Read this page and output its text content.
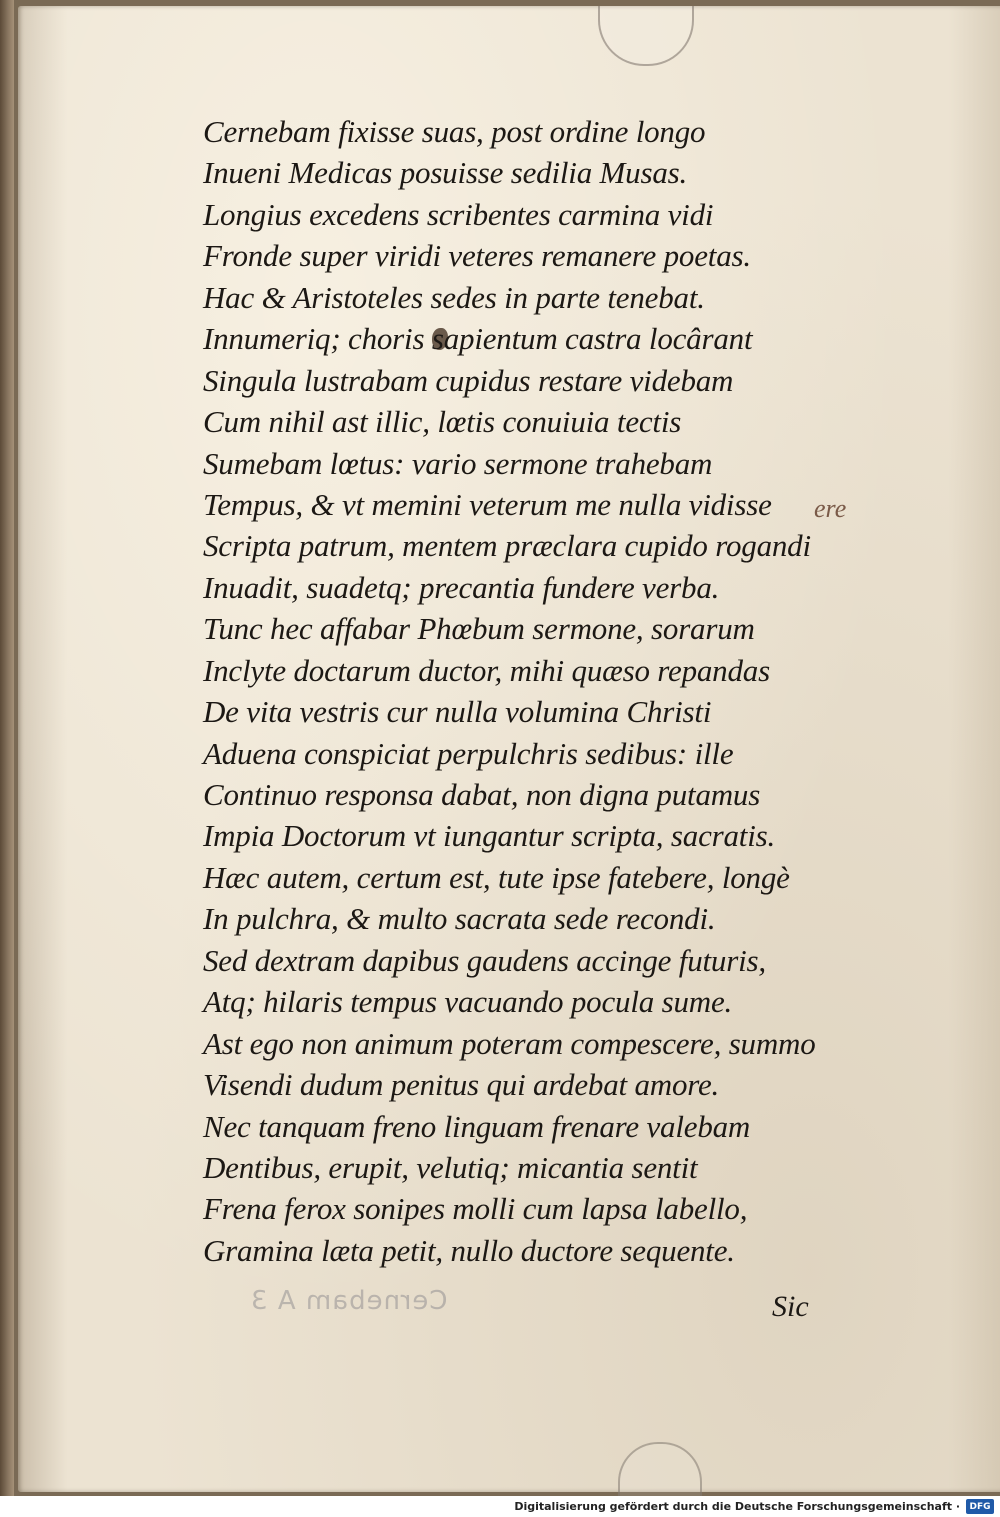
Cernebam fixisse suas, post ordine longo
Inueni Medicas posuisse sedilia Musas.
Longius excedens scribentes carmina vidi
Fronde super viridi veteres remanere poetas.
Hac & Aristoteles sedes in parte tenebat.
Innumeriq; choris sapientum castra locârant
Singula lustrabam cupidus restare videbam
Cum nihil ast illic, lœtis conuiuia tectis
Sumebam lœtus: vario sermone trahebam
Tempus, & vt memini veterum me nulla vidisse
Scripta patrum, mentem præclara cupido rogandi
Inuadit, suadetq; precantia fundere verba.
Tunc hec affabar Phœbum sermone, sorarum
Inclyte doctarum ductor, mihi quæso repandas
De vita vestris cur nulla volumina Christi
Aduena conspiciat perpulchris sedibus: ille
Continuo responsa dabat, non digna putamus
Impia Doctorum vt iungantur scripta, sacratis.
Hæc autem, certum est, tute ipse fatebere, longè
In pulchra, & multo sacrata sede recondi.
Sed dextram dapibus gaudens accinge futuris,
Atq; hilaris tempus vacuando pocula sume.
Ast ego non animum poteram compescere, summo
Visendi dudum penitus qui ardebat amore.
Nec tanquam freno linguam frenare valebam
Dentibus, erupit, velutiq; micantia sentit
Frena ferox sonipes molli cum lapsa labello,
Gramina læta petit, nullo ductore sequente.
ere
Cernebam A 3	Sic
Digitalisierung gefördert durch die Deutsche Forschungsgemeinschaft ·	DFG
